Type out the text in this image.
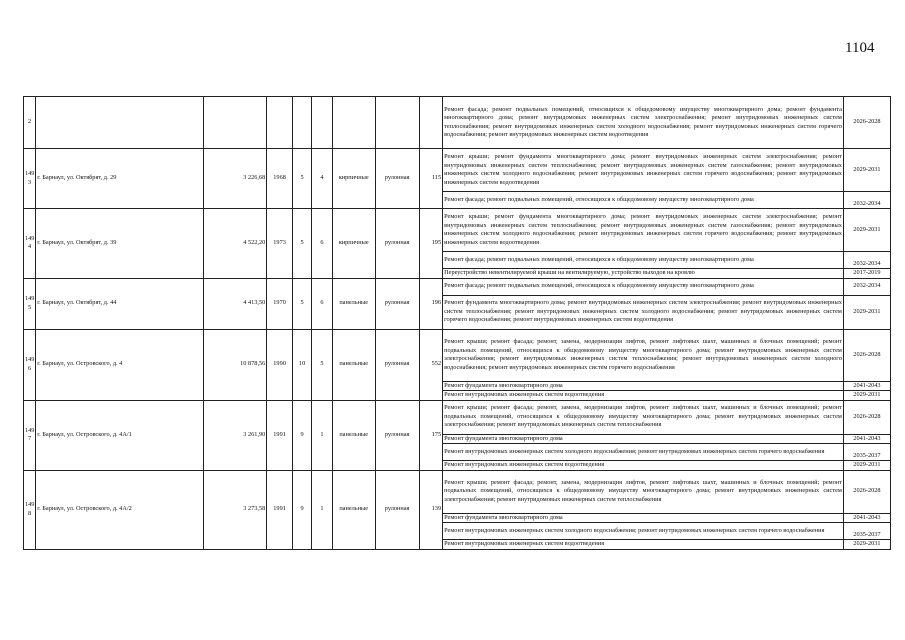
1104
2									Ремонт фасада; ремонт подвальных помещений, относящихся к общедомовому имуществу многоквартирного дома; ремонт фундамента многоквартирного дома; ремонт внутридомовых инженерных систем электроснабжения; ремонт внутридомовых инженерных систем теплоснабжения; ремонт внутридомовых инженерных систем холодного водоснабжения; ремонт внутридомовых инженерных систем горячего водоснабжения; ремонт внутридомовых инженерных систем водоотведения	2026-2028
149 3	г. Барнаул, ул. Октябрят, д. 29	3 226,68	1968	5	4	кирпичные	рулонная	115	Ремонт крыши; ремонт фундамента многоквартирного дома; ремонт внутридомовых инженерных систем электроснабжения; ремонт внутридомовых инженерных систем теплоснабжения; ремонт внутридомовых инженерных систем газоснабжения; ремонт внутридомовых инженерных систем холодного водоснабжения; ремонт внутридомовых инженерных систем горячего водоснабжения; ремонт внутридомовых инженерных систем водоотведения	2029-2031
									Ремонт фасада; ремонт подвальных помещений, относящихся к общедомовому имуществу многоквартирного дома	2032-2034
149 4	г. Барнаул, ул. Октябрят, д. 39	4 522,20	1973	5	6	кирпичные	рулонная	195	Ремонт крыши; ремонт фундамента многоквартирного дома; ремонт внутридомовых инженерных систем электроснабжения; ремонт внутридомовых инженерных систем теплоснабжения; ремонт внутридомовых инженерных систем газоснабжения; ремонт внутридомовых инженерных систем холодного водоснабжения; ремонт внутридомовых инженерных систем горячего водоснабжения; ремонт внутридомовых инженерных систем водоотведения	2029-2031
									Ремонт фасада; ремонт подвальных помещений, относящихся к общедомовому имуществу многоквартирного дома	2032-2034
									Переустройство невентилируемой крыши на вентилируемую, устройство выходов на кровлю	2017-2019
149 5	г. Барнаул, ул. Октябрят, д. 44	4 413,50	1970	5	6	панельные	рулонная	196	Ремонт фасада; ремонт подвальных помещений, относящихся к общедомовому имуществу многоквартирного дома	2032-2034
									Ремонт фундамента многоквартирного дома; ремонт внутридомовых инженерных систем электроснабжения; ремонт внутридомовых инженерных систем теплоснабжения; ремонт внутридомовых инженерных систем холодного водоснабжения; ремонт внутридомовых инженерных систем горячего водоснабжения; ремонт внутридомовых инженерных систем водоотведения	2029-2031
149 6	г. Барнаул, ул. Островского, д. 4	10 878,56	1990	10	5	панельные	рулонная	552	Ремонт крыши; ремонт фасада; ремонт, замена, модернизация лифтов, ремонт лифтовых шахт, машинных и блочных помещений; ремонт подвальных помещений, относящихся к общедомовому имуществу многоквартирного дома; ремонт внутридомовых инженерных систем электроснабжения; ремонт внутридомовых инженерных систем теплоснабжения; ремонт внутридомовых инженерных систем холодного водоснабжения; ремонт внутридомовых инженерных систем горячего водоснабжения	2026-2028
									Ремонт фундамента многоквартирного дома	2041-2043
									Ремонт внутридомовых инженерных систем водоотведения	2029-2031
149 7	г. Барнаул, ул. Островского, д. 4А/1	3 261,90	1991	9	1	панельные	рулонная	175	Ремонт крыши; ремонт фасада; ремонт, замена, модернизация лифтов, ремонт лифтовых шахт, машинных и блочных помещений; ремонт подвальных помещений, относящихся к общедомовому имуществу многоквартирного дома; ремонт внутридомовых инженерных систем электроснабжения; ремонт внутридомовых инженерных систем теплоснабжения	2026-2028
									Ремонт фундамента многоквартирного дома	2041-2043
									Ремонт внутридомовых инженерных систем холодного водоснабжения; ремонт внутридомовых инженерных систем горячего водоснабжения	2035-2037
									Ремонт внутридомовых инженерных систем водоотведения	2029-2031
149 8	г. Барнаул, ул. Островского, д. 4А/2	3 273,58	1991	9	1	панельные	рулонная	139	Ремонт крыши; ремонт фасада; ремонт, замена, модернизация лифтов, ремонт лифтовых шахт, машинных и блочных помещений; ремонт подвальных помещений, относящихся к общедомовому имуществу многоквартирного дома; ремонт внутридомовых инженерных систем электроснабжения; ремонт внутридомовых инженерных систем теплоснабжения	2026-2028
									Ремонт фундамента многоквартирного дома	2041-2043
									Ремонт внутридомовых инженерных систем холодного водоснабжения; ремонт внутридомовых инженерных систем горячего водоснабжения	2035-2037
									Ремонт внутридомовых инженерных систем водоотведения	2029-2031
